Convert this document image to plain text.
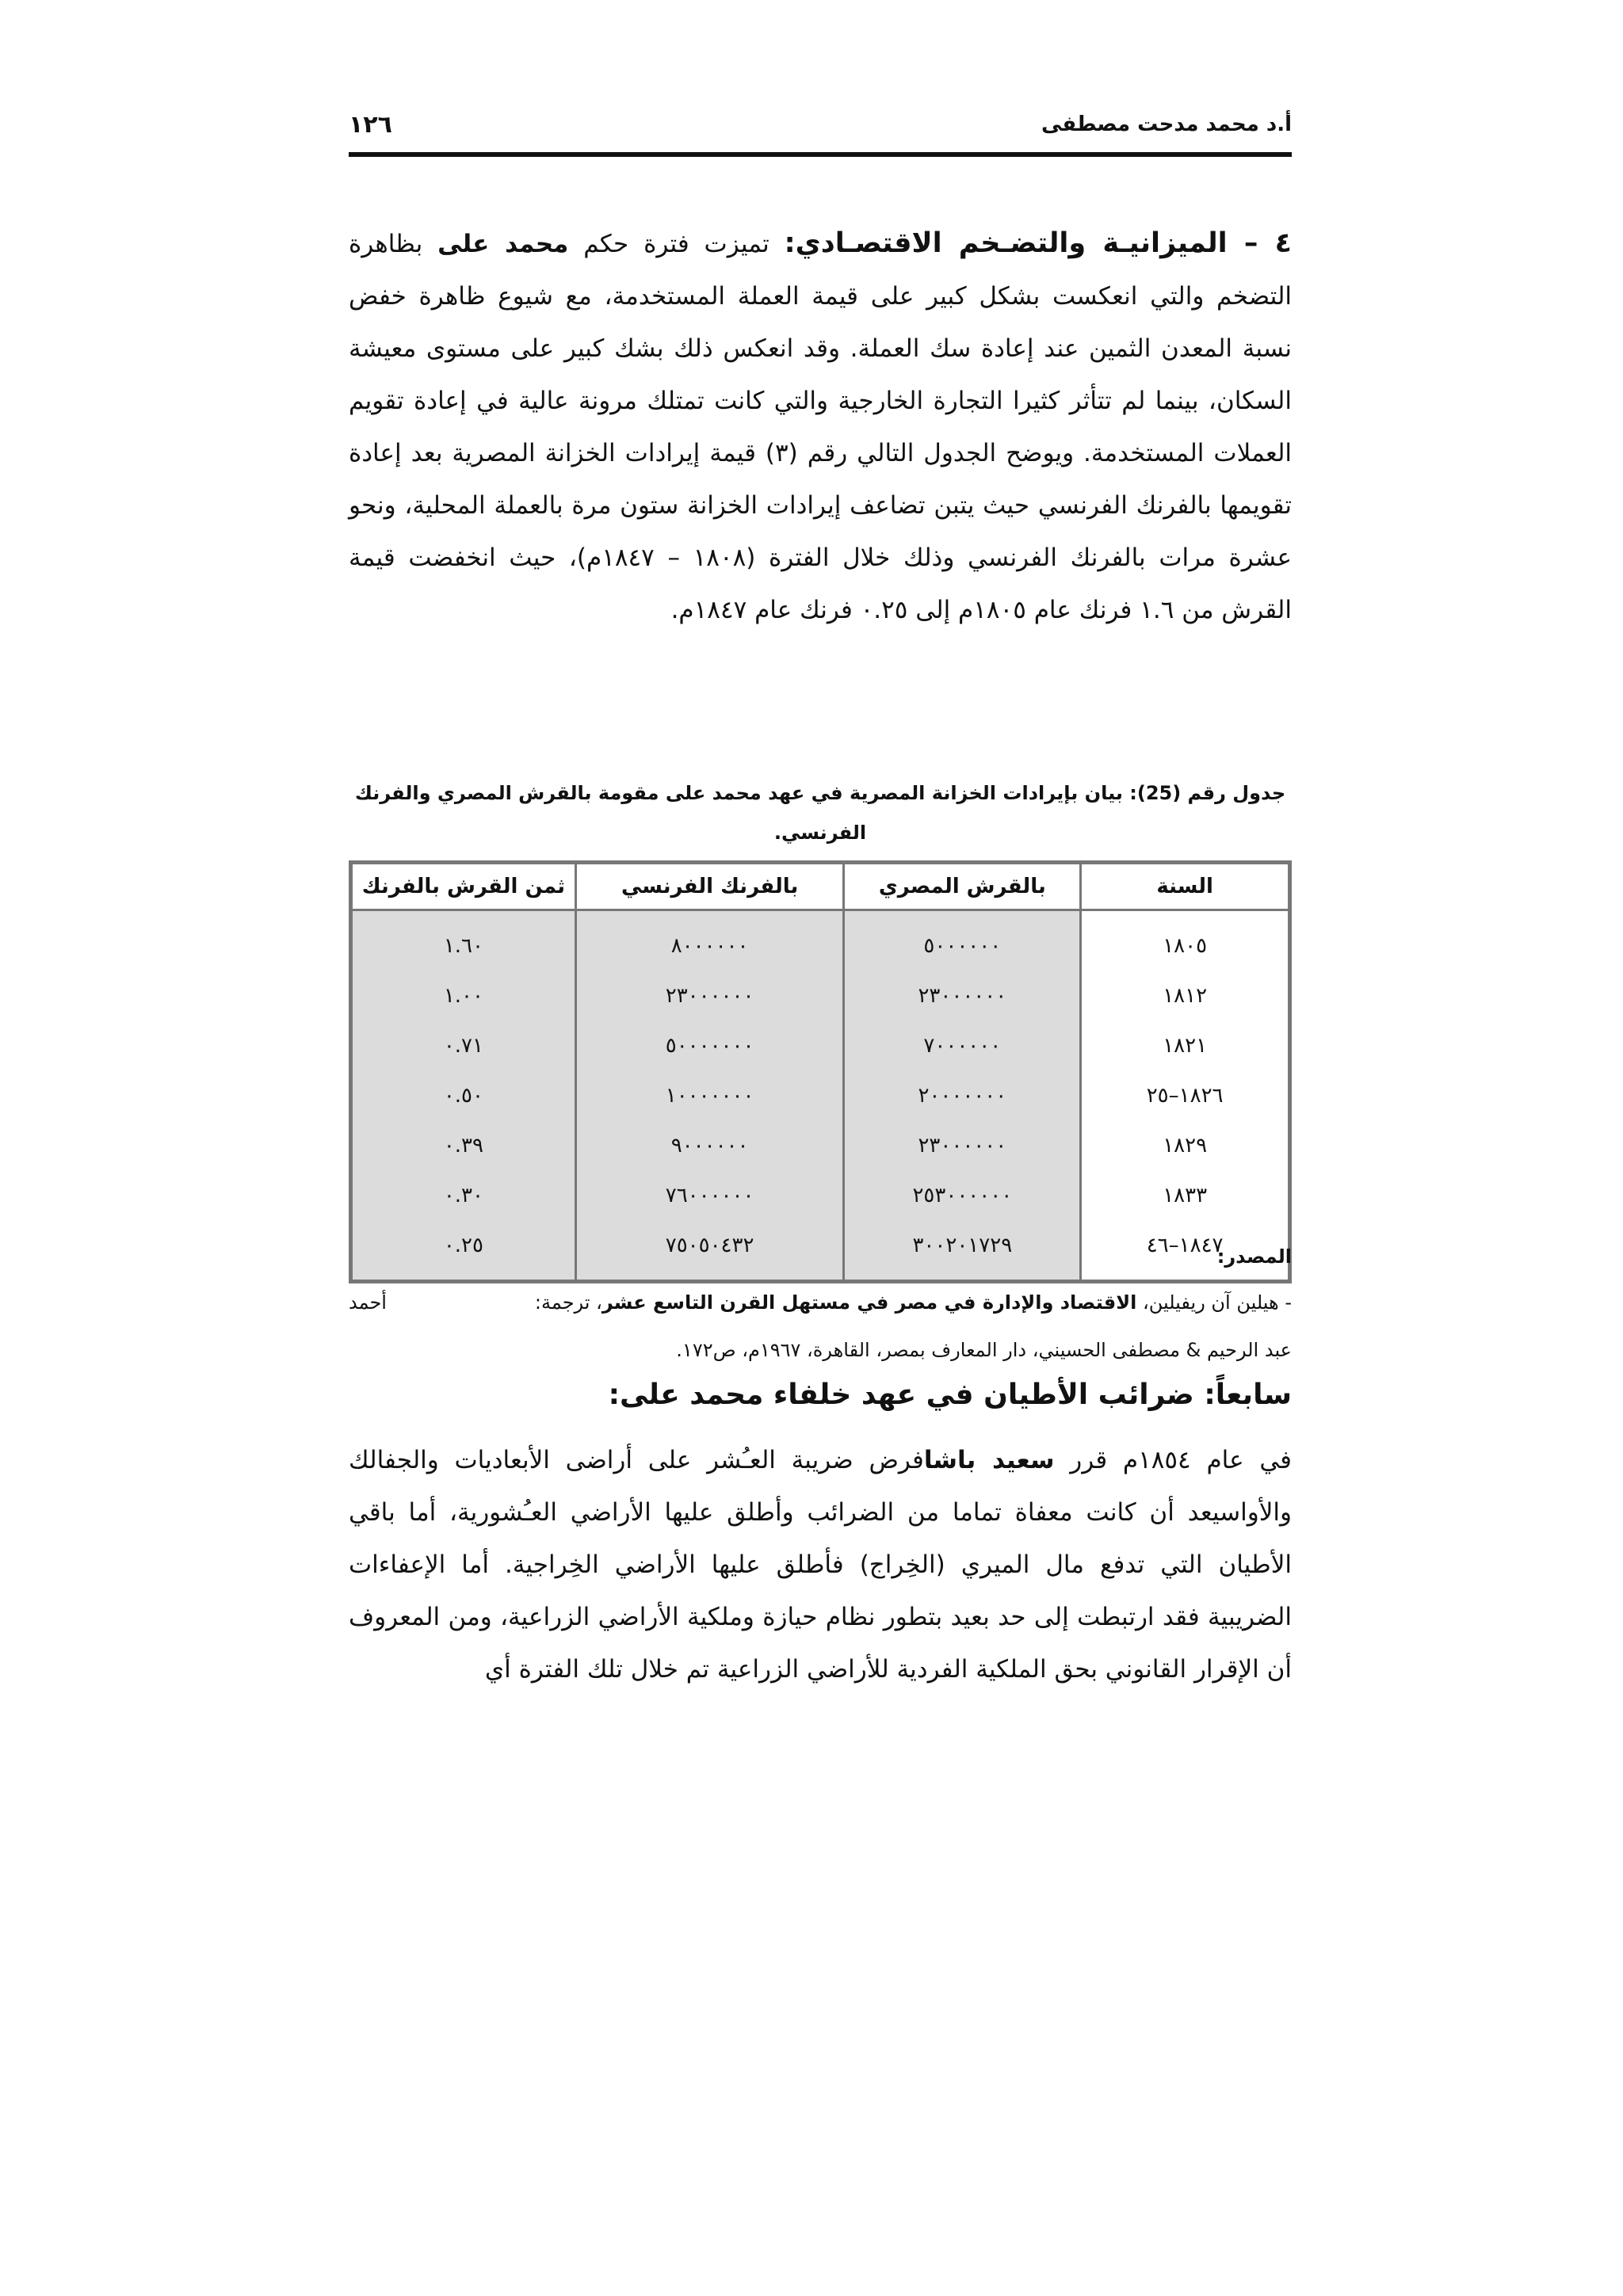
أ.د محمد مدحت مصطفى
١٢٦

٤ – الميزانيـة والتضـخم الاقتصـادي: تميزت فترة حكم محمد على بظاهرة التضخم والتي انعكست بشكل كبير على قيمة العملة المستخدمة، مع شيوع ظاهرة خفض نسبة المعدن الثمين عند إعادة سك العملة. وقد انعكس ذلك بشك كبير على مستوى معيشة السكان، بينما لم تتأثر كثيرا التجارة الخارجية والتي كانت تمتلك مرونة عالية في إعادة تقويم العملات المستخدمة. ويوضح الجدول التالي رقم (٣) قيمة إيرادات الخزانة المصرية بعد إعادة تقويمها بالفرنك الفرنسي حيث يتبن تضاعف إيرادات الخزانة ستون مرة بالعملة المحلية، ونحو عشرة مرات بالفرنك الفرنسي وذلك خلال الفترة (١٨٠٨ – ١٨٤٧م)، حيث انخفضت قيمة القرش من ١.٦ فرنك عام ١٨٠٥م إلى ٠.٢٥ فرنك عام ١٨٤٧م.

جدول رقم (25): بيان بإيرادات الخزانة المصرية في عهد محمد على مقومة بالقرش المصري والفرنك
الفرنسي.
السنة	بالقرش المصري	بالفرنك الفرنسي	ثمن القرش بالفرنك
١٨٠٥	٥٠٠٠٠٠٠	٨٠٠٠٠٠٠	١.٦٠
١٨١٢	٢٣٠٠٠٠٠٠	٢٣٠٠٠٠٠٠	١.٠٠
١٨٢١	٧٠٠٠٠٠٠	٥٠٠٠٠٠٠٠	٠.٧١
١٨٢٦–٢٥	٢٠٠٠٠٠٠٠	١٠٠٠٠٠٠٠	٠.٥٠
١٨٢٩	٢٣٠٠٠٠٠٠	٩٠٠٠٠٠٠	٠.٣٩
١٨٣٣	٢٥٣٠٠٠٠٠٠	٧٦٠٠٠٠٠٠	٠.٣٠
١٨٤٧–٤٦	٣٠٠٢٠١٧٢٩	٧٥٠٥٠٤٣٢	٠.٢٥	المصدر:
- هيلين آن ريفيلين، الاقتصاد والإدارة في مصر في مستهل القرن التاسع عشر، ترجمة:
أحمد
عبد الرحيم & مصطفى الحسيني، دار المعارف بمصر، القاهرة، ١٩٦٧م، ص١٧٢.
سابعاً: ضرائب الأطيان في عهد خلفاء محمد على:

في عام ١٨٥٤م قرر سعيد باشافرض ضريبة العـُشر على أراضى الأبعاديات والجفالك والأواسيعد أن كانت معفاة تماما من الضرائب وأطلق عليها الأراضي العـُشورية، أما باقي الأطيان التي تدفع مال الميري (الخِراج) فأطلق عليها الأراضي الخِراجية. أما الإعفاءات الضريبية فقد ارتبطت إلى حد بعيد بتطور نظام حيازة وملكية الأراضي الزراعية، ومن المعروف أن الإقرار القانوني بحق الملكية الفردية للأراضي الزراعية تم خلال تلك الفترة أي
